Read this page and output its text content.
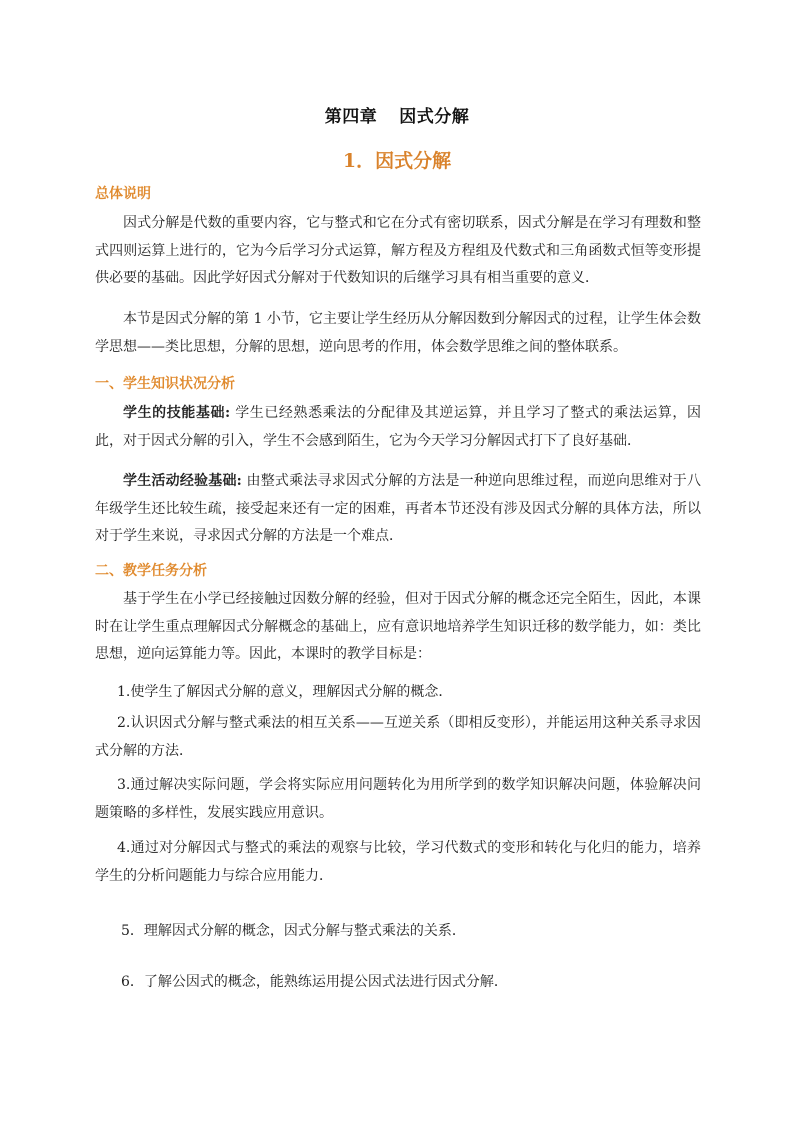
第四章 因式分解
1．因式分解
总体说明
因式分解是代数的重要内容，它与整式和它在分式有密切联系，因式分解是在学习有理数和整式四则运算上进行的，它为今后学习分式运算，解方程及方程组及代数式和三角函数式恒等变形提供必要的基础。因此学好因式分解对于代数知识的后继学习具有相当重要的意义．
本节是因式分解的第 1 小节，它主要让学生经历从分解因数到分解因式的过程，让学生体会数学思想——类比思想，分解的思想，逆向思考的作用，体会数学思维之间的整体联系。
一、学生知识状况分析
学生的技能基础: 学生已经熟悉乘法的分配律及其逆运算，并且学习了整式的乘法运算，因此，对于因式分解的引入，学生不会感到陌生，它为今天学习分解因式打下了良好基础．
学生活动经验基础: 由整式乘法寻求因式分解的方法是一种逆向思维过程，而逆向思维对于八年级学生还比较生疏，接受起来还有一定的困难，再者本节还没有涉及因式分解的具体方法，所以对于学生来说，寻求因式分解的方法是一个难点．
二、教学任务分析
基于学生在小学已经接触过因数分解的经验，但对于因式分解的概念还完全陌生，因此，本课时在让学生重点理解因式分解概念的基础上，应有意识地培养学生知识迁移的数学能力，如：类比思想，逆向运算能力等。因此，本课时的教学目标是：
1.使学生了解因式分解的意义，理解因式分解的概念．
2.认识因式分解与整式乘法的相互关系——互逆关系（即相反变形），并能运用这种关系寻求因式分解的方法．
3.通过解决实际问题，学会将实际应用问题转化为用所学到的数学知识解决问题，体验解决问题策略的多样性，发展实践应用意识。
4.通过对分解因式与整式的乘法的观察与比较，学习代数式的变形和转化与化归的能力，培养学生的分析问题能力与综合应用能力．
5．理解因式分解的概念，因式分解与整式乘法的关系．
6．了解公因式的概念，能熟练运用提公因式法进行因式分解．
